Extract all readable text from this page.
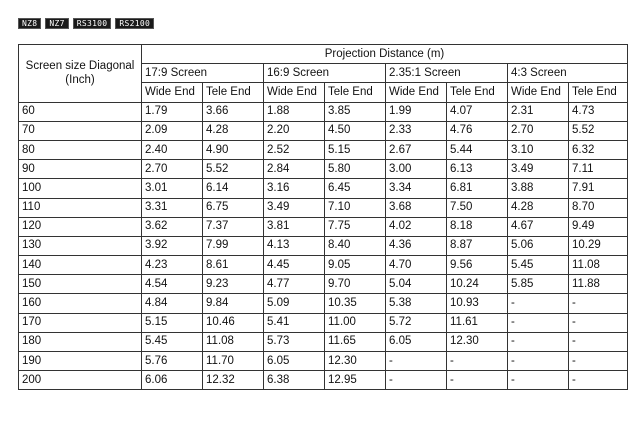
NZ8	NZ7	RS3100	RS2100
Screen size Diagonal (Inch)	Projection Distance (m)							
	17:9 Screen		16:9 Screen		2.35:1 Screen		4:3 Screen	
	Wide End	Tele End	Wide End	Tele End	Wide End	Tele End	Wide End	Tele End
60	1.79	3.66	1.88	3.85	1.99	4.07	2.31	4.73
70	2.09	4.28	2.20	4.50	2.33	4.76	2.70	5.52
80	2.40	4.90	2.52	5.15	2.67	5.44	3.10	6.32
90	2.70	5.52	2.84	5.80	3.00	6.13	3.49	7.11
100	3.01	6.14	3.16	6.45	3.34	6.81	3.88	7.91
110	3.31	6.75	3.49	7.10	3.68	7.50	4.28	8.70
120	3.62	7.37	3.81	7.75	4.02	8.18	4.67	9.49
130	3.92	7.99	4.13	8.40	4.36	8.87	5.06	10.29
140	4.23	8.61	4.45	9.05	4.70	9.56	5.45	11.08
150	4.54	9.23	4.77	9.70	5.04	10.24	5.85	11.88
160	4.84	9.84	5.09	10.35	5.38	10.93	-	-
170	5.15	10.46	5.41	11.00	5.72	11.61	-	-
180	5.45	11.08	5.73	11.65	6.05	12.30	-	-
190	5.76	11.70	6.05	12.30	-	-	-	-
200	6.06	12.32	6.38	12.95	-	-	-	-
